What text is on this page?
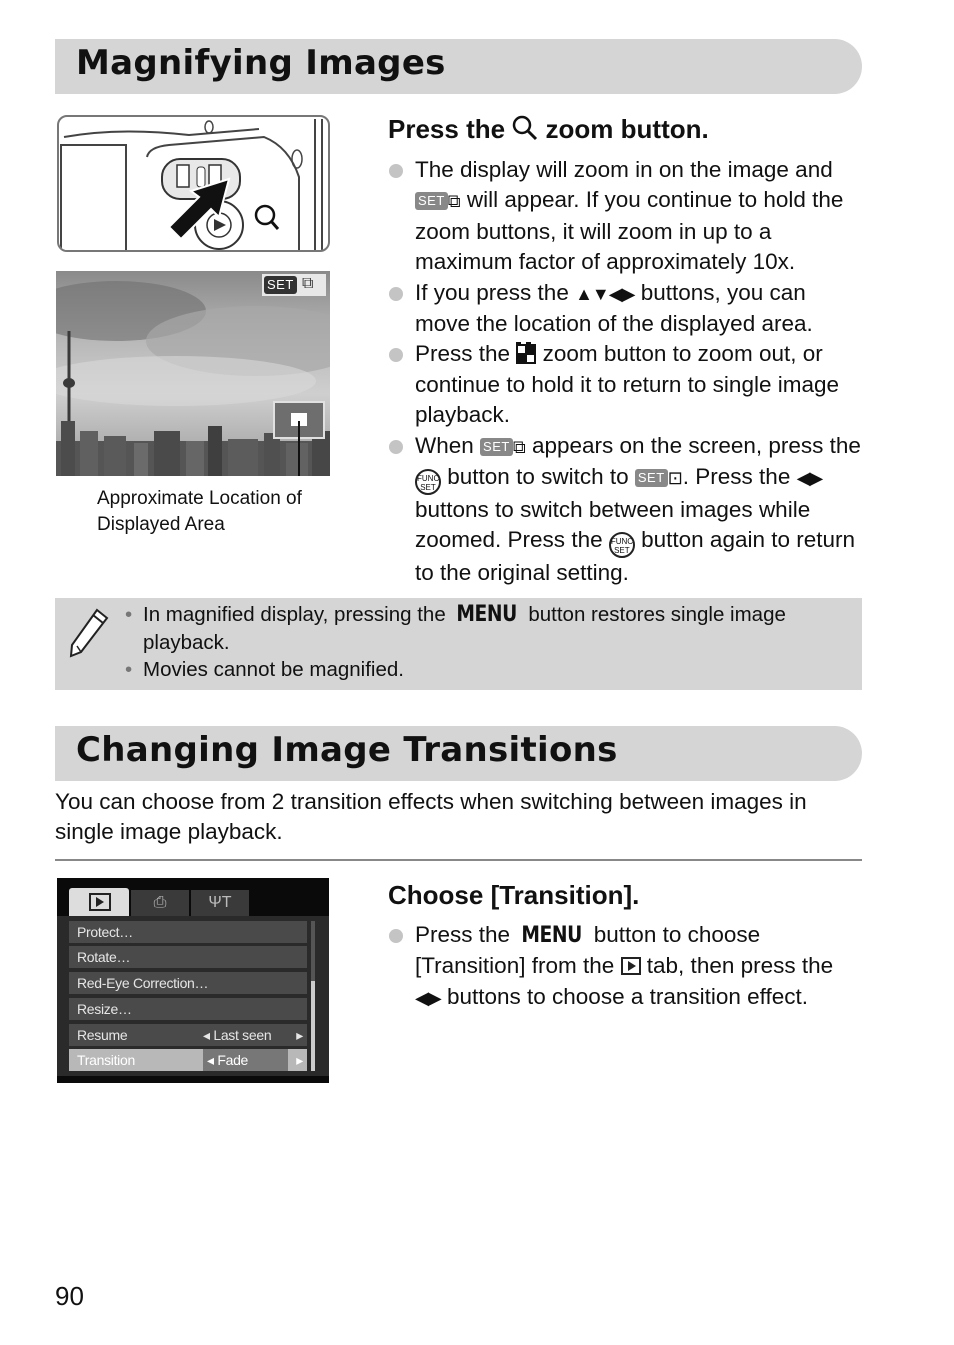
Magnifying Images
SET ⧉

Approximate Location of
Displayed Area

Press the zoom button.
The display will zoom in on the image and SET ⧉ will appear. If you continue to hold the zoom buttons, it will zoom in up to a maximum factor of approximately 10x.
If you press the ▲▼◀▶ buttons, you can move the location of the displayed area.
Press the zoom button to zoom out, or continue to hold it to return to single image playback.
When SET ⧉ appears on the screen, press the FUNC
SET button to switch to SET ⊡. Press the ◀▶ buttons to switch between images while zoomed. Press the FUNC
SET button again to return to the original setting.
• In magnified display, pressing the MENU button restores single image playback.
• Movies cannot be magnified.
Changing Image Transitions

You can choose from 2 transition effects when switching between images in single image playback.

⎙	ΨT
Protect…
Rotate…
Red-Eye Correction…
Resize…
Resume	◂ Last seen ▸
Transition	◂ Fade	▸
Choose [Transition].
Press the MENU button to choose [Transition] from the tab, then press the ◀▶ buttons to choose a transition effect.

90
